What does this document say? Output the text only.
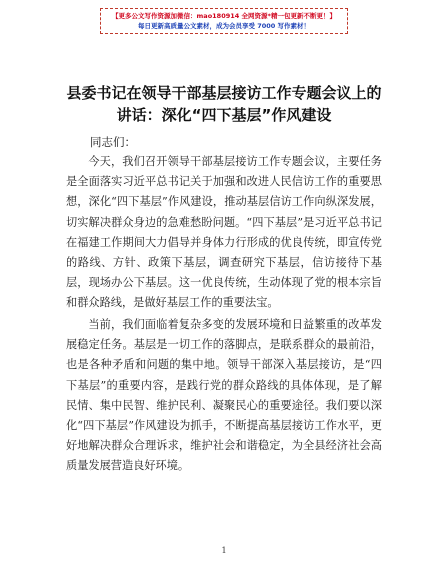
【更多公文写作资源加微信：mao180914 全网资源*精一包更新不断更！】
每日更新高质量公文素材，成为会员享受 7000 写作素材！
县委书记在领导干部基层接访工作专题会议上的讲话：深化“四下基层”作风建设
同志们：

今天，我们召开领导干部基层接访工作专题会议，主要任务是全面落实习近平总书记关于加强和改进人民信访工作的重要思想，深化“四下基层”作风建设，推动基层信访工作向纵深发展，切实解决群众身边的急难愁盼问题。“四下基层”是习近平总书记在福建工作期间大力倡导并身体力行形成的优良传统，即宣传党的路线、方针、政策下基层，调查研究下基层，信访接待下基层，现场办公下基层。这一优良传统，生动体现了党的根本宗旨和群众路线，是做好基层工作的重要法宝。

当前，我们面临着复杂多变的发展环境和日益繁重的改革发展稳定任务。基层是一切工作的落脚点，是联系群众的最前沿，也是各种矛盾和问题的集中地。领导干部深入基层接访，是“四下基层”的重要内容，是践行党的群众路线的具体体现，是了解民情、集中民智、维护民利、凝聚民心的重要途径。我们要以深化“四下基层”作风建设为抓手，不断提高基层接访工作水平，更好地解决群众合理诉求，维护社会和谐稳定，为全县经济社会高质量发展营造良好环境。

1
